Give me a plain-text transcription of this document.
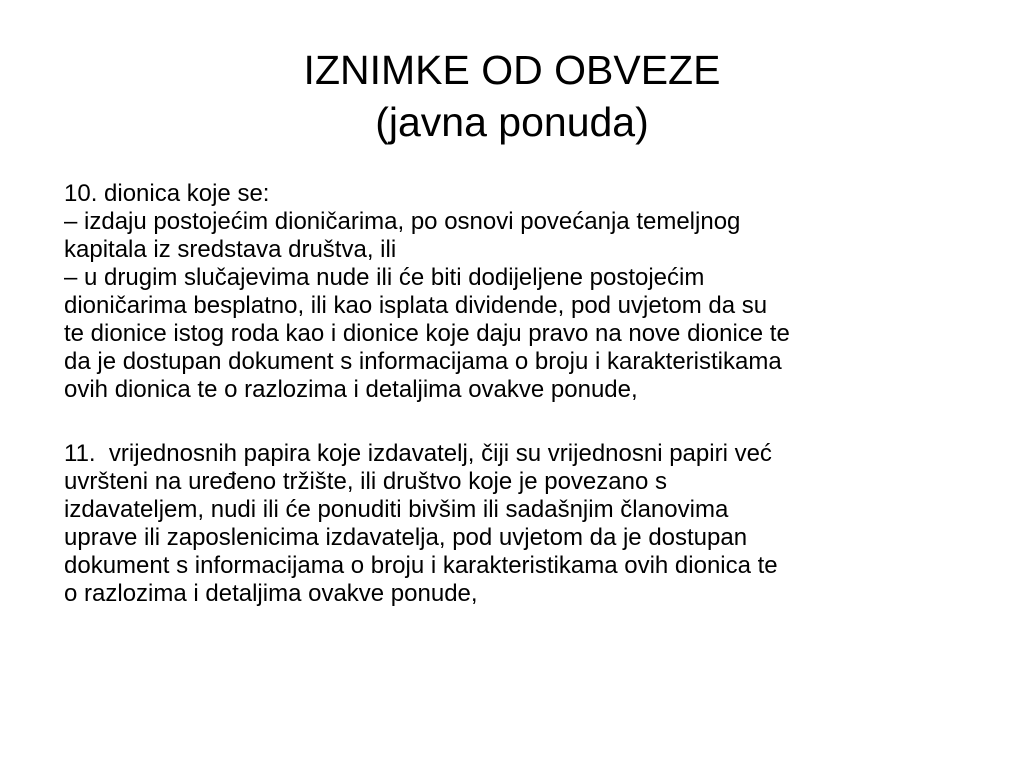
IZNIMKE OD OBVEZE
(javna ponuda)
10. dionica koje se:
– izdaju postojećim dioničarima, po osnovi povećanja temeljnog
kapitala iz sredstava društva, ili
– u drugim slučajevima nude ili će biti dodijeljene postojećim
dioničarima besplatno, ili kao isplata dividende, pod uvjetom da su
te dionice istog roda kao i dionice koje daju pravo na nove dionice te
da je dostupan dokument s informacijama o broju i karakteristikama
ovih dionica te o razlozima i detaljima ovakve ponude,
11.  vrijednosnih papira koje izdavatelj, čiji su vrijednosni papiri već
uvršteni na uređeno tržište, ili društvo koje je povezano s
izdavateljem, nudi ili će ponuditi bivšim ili sadašnjim članovima
uprave ili zaposlenicima izdavatelja, pod uvjetom da je dostupan
dokument s informacijama o broju i karakteristikama ovih dionica te
o razlozima i detaljima ovakve ponude,
